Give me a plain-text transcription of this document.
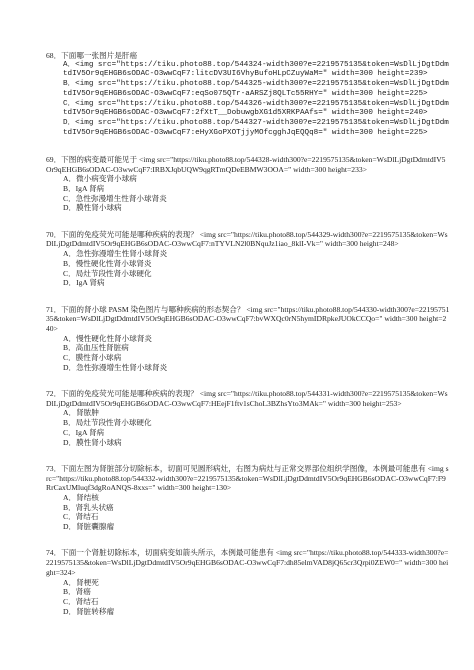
68．下面哪一张图片是肝癌
A．<img src="https://tiku.photo88.top/544324-width300?e=2219575135&token=WsDlLjDgtDdmtdIV5Or9qEHGB6sODAC-O3wwCqF7:litcDV3UI6VhyBufoHLpCZuyWaM=" width=300 height=239>
B．<img src="https://tiku.photo88.top/544325-width300?e=2219575135&token=WsDlLjDgtDdmtdIV5Or9qEHGB6sODAC-O3wwCqF7:eqSo075QTr-aARSZj8QLTc55RHY=" width=300 height=225>
C．<img src="https://tiku.photo88.top/544326-width300?e=2219575135&token=WsDlLjDgtDdmtdIV5Or9qEHGB6sODAC-O3wwCqF7:2fXtT__DobuwgbXG1d5XRKPAAfs=" width=300 height=240>
D．<img src="https://tiku.photo88.top/544327-width300?e=2219575135&token=WsDlLjDgtDdmtdIV5Or9qEHGB6sODAC-O3wwCqF7:eHyXGoPXOTjjyMOfcgghJqEQQq8=" width=300 height=225>
69．下图的病变最可能见于 <img src="https://tiku.photo88.top/544328-width300?e=2219575135&token=WsDlLjDgtDdmtdIV5Or9qEHGB6sODAC-O3wwCqF7:IRBXJqbUQW9qgRTmQDeEBMW3OOA=" width=300 height=233>
A．微小病变肾小球病
B．IgA 肾病
C．急性弥漫增生性肾小球肾炎
D．膜性肾小球病
70．下面的免疫荧光可能是哪种疾病的表现？ <img src="https://tiku.photo88.top/544329-width300?e=2219575135&token=WsDlLjDgtDdmtdIV5Or9qEHGB6sODAC-O3wwCqF7:nTYVLN2l0BNquJz1iao_8klI-Vk=" width=300 height=248>
A．急性弥漫增生性肾小球肾炎
B．慢性硬化性肾小球肾炎
C．局灶节段性肾小球硬化
D．IgA 肾病
71．下面的肾小球 PASM 染色图片与哪种疾病的形态契合？ <img src="https://tiku.photo88.top/544330-width300?e=2219575135&token=WsDlLjDgtDdmtdIV5Or9qEHGB6sODAC-O3wwCqF7:bvWXQc0rN5hymIDRpkeJUOkCCQo=" width=300 height=240>
A．慢性硬化性肾小球肾炎
B．高血压性肾脏病
C．膜性肾小球病
D．急性弥漫增生性肾小球肾炎
72．下面的免疫荧光可能是哪种疾病的表现？ <img src="https://tiku.photo88.top/544331-width300?e=2219575135&token=WsDlLjDgtDdmtdIV5Or9qEHGB6sODAC-O3wwCqF7:HEejF1ftv1sChoL3BZhsYto3MAk=" width=300 height=253>
A．肾脓肿
B．局灶节段性肾小球硬化
C．IgA 肾病
D．膜性肾小球病
73．下面左图为肾脏部分切除标本，切面可见圆形病灶，右图为病灶与正常交界部位组织学图像，本例最可能患有 <img src="https://tiku.photo88.top/544332-width300?e=2219575135&token=WsDlLjDgtDdmtdIV5Or9qEHGB6sODAC-O3wwCqF7:F9RrCaxUMluqf3dgRoANQS-8xxs=" width=300 height=130>
A．肾结核
B．肾乳头状癌
C．肾结石
D．肾脏囊腺瘤
74．下面一个肾脏切除标本，切面病变如箭头所示，本例最可能患有 <img src="https://tiku.photo88.top/544333-width300?e=2219575135&token=WsDlLjDgtDdmtdIV5Or9qEHGB6sODAC-O3wwCqF7:dh85elmVAD8jQ65cr3Qrpi0ZEW0=" width=300 height=324>
A．肾梗死
B．肾癌
C．肾结石
D．肾脏转移瘤
